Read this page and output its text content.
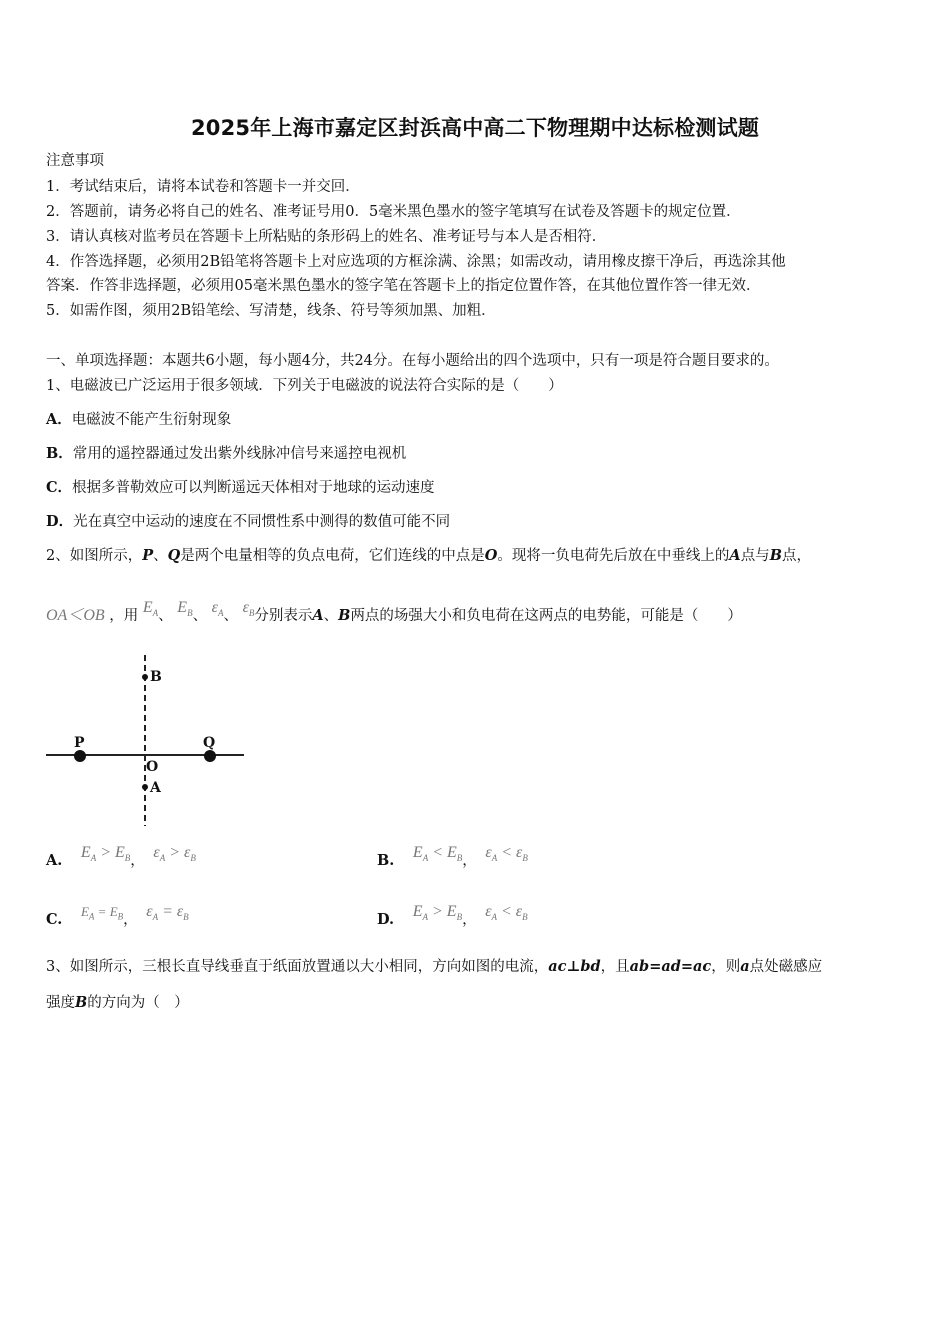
2025年上海市嘉定区封浜高中高二下物理期中达标检测试题
注意事项
1．考试结束后，请将本试卷和答题卡一并交回．
2．答题前，请务必将自己的姓名、准考证号用0．5毫米黑色墨水的签字笔填写在试卷及答题卡的规定位置．
3．请认真核对监考员在答题卡上所粘贴的条形码上的姓名、准考证号与本人是否相符．
4．作答选择题，必须用2B铅笔将答题卡上对应选项的方框涂满、涂黑；如需改动，请用橡皮擦干净后，再选涂其他
答案．作答非选择题，必须用05毫米黑色墨水的签字笔在答题卡上的指定位置作答，在其他位置作答一律无效．
5．如需作图，须用2B铅笔绘、写清楚，线条、符号等须加黑、加粗．
一、单项选择题：本题共6小题，每小题4分，共24分。在每小题给出的四个选项中，只有一项是符合题目要求的。
1、电磁波已广泛运用于很多领域．下列关于电磁波的说法符合实际的是（　　）
A．电磁波不能产生衍射现象
B．常用的遥控器通过发出紫外线脉冲信号来遥控电视机
C．根据多普勒效应可以判断遥远天体相对于地球的运动速度
D．光在真空中运动的速度在不同惯性系中测得的数值可能不同
2、如图所示，P、Q是两个电量相等的负点电荷，它们连线的中点是O。现将一负电荷先后放在中垂线上的A点与B点，
OA＜OB ，用 $E_A$、 $E_B$、 $\varepsilon_A$、 $\varepsilon_B$分别表示A、B两点的场强大小和负电荷在这两点的电势能，可能是（　　）
B
P	Q
O
A
A. $E_A > E_B$， $\varepsilon_A > \varepsilon_B$	B. $E_A < E_B$， $\varepsilon_A < \varepsilon_B$
C. $E_A = E_B$， $\varepsilon_A = \varepsilon_B$	D. $E_A > E_B$， $\varepsilon_A < \varepsilon_B$
3、如图所示，三根长直导线垂直于纸面放置通以大小相同，方向如图的电流，ac⊥bd，且ab=ad=ac，则a点处磁感应
强度B的方向为（　）
